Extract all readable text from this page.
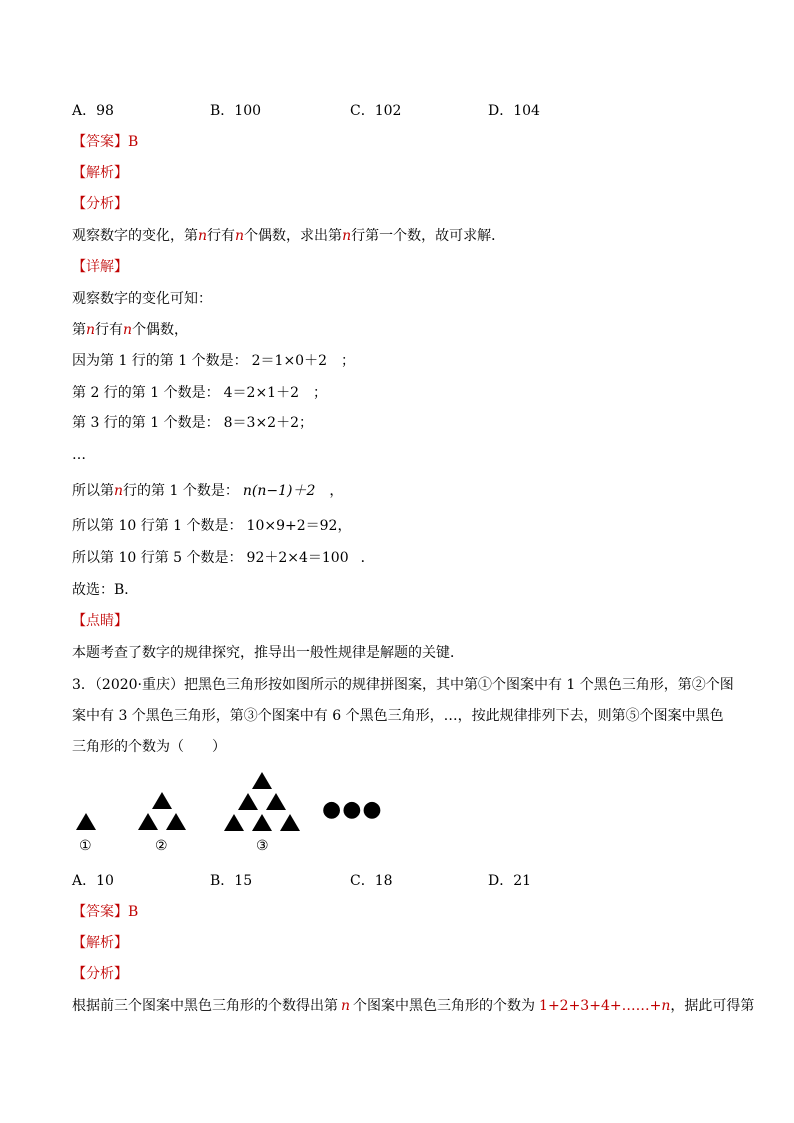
A．98	B．100	C．102	D．104
【答案】B
【解析】
【分析】
观察数字的变化，第n行有n个偶数，求出第n行第一个数，故可求解．
【详解】
观察数字的变化可知：
第n行有n个偶数，
因为第 1 行的第 1 个数是： 2＝1×0＋2 ；
第 2 行的第 1 个数是： 4＝2×1＋2 ；
第 3 行的第 1 个数是： 8＝3×2＋2；
…
所以第n行的第 1 个数是： n(n−1)＋2 ，
所以第 10 行第 1 个数是： 10×9+2＝92，
所以第 10 行第 5 个数是： 92＋2×4＝100 ．
故选：B．
【点睛】
本题考查了数字的规律探究，推导出一般性规律是解题的关键．
3．（2020·重庆）把黑色三角形按如图所示的规律拼图案，其中第①个图案中有 1 个黑色三角形，第②个图
案中有 3 个黑色三角形，第③个图案中有 6 个黑色三角形，…，按此规律排列下去，则第⑤个图案中黑色
三角形的个数为（　　）
●●●
①	②	③
A．10	B．15	C．18	D．21
【答案】B
【解析】
【分析】
根据前三个图案中黑色三角形的个数得出第 n 个图案中黑色三角形的个数为 1+2+3+4+……+n，据此可得第
